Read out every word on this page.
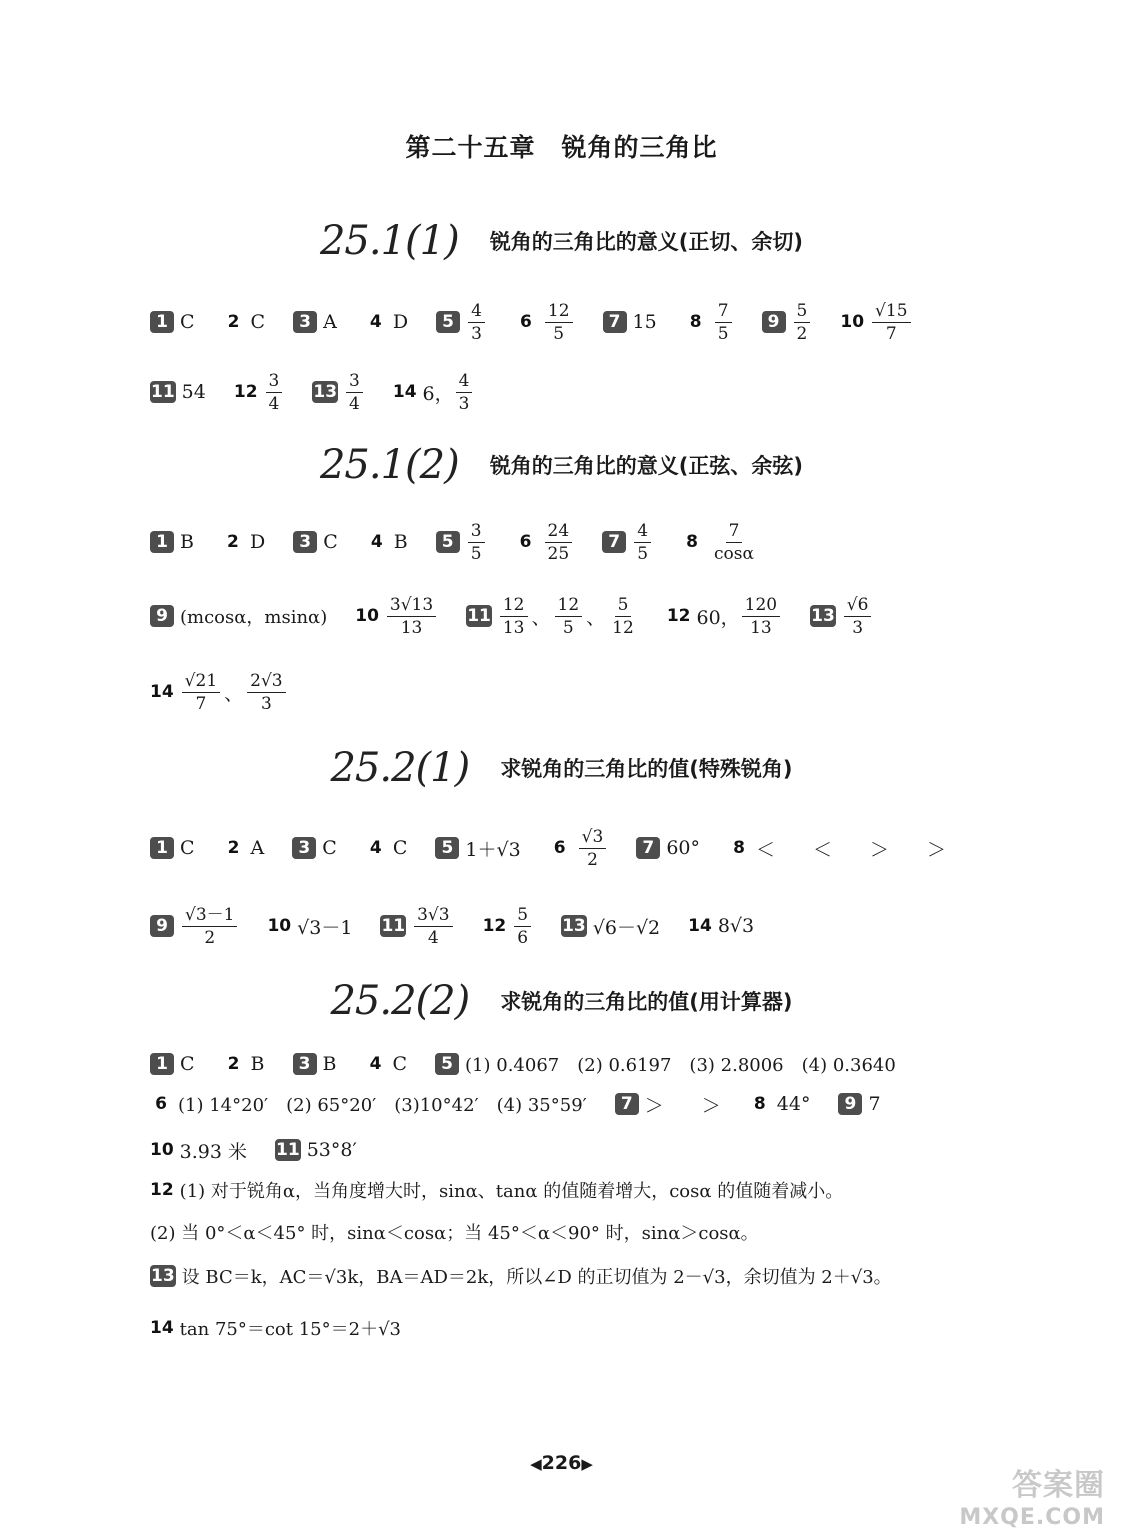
第二十五章　锐角的三角比
25.1(1) 锐角的三角比的意义(正切、余切)
25.1(2) 锐角的三角比的意义(正弦、余弦)
25.2(1) 求锐角的三角比的值(特殊锐角)
25.2(2) 求锐角的三角比的值(用计算器)
1 C 2 C	3 A 4 D	$5 \frac{4}{3} 6 \frac{12}{5}$	7 15 $8 \frac{7}{5}$	$9 \frac{5}{2} 10 \frac{√15}{7}$
11 54 $12 \frac{3}{4} 13 \frac{3}{4} 14$ 6， $\frac{4}{3}$
1 B 2 D	3 C 4 B	$5 \frac{3}{5} 6 \frac{24}{25}$	$7 \frac{4}{5} 8 \frac{7}{\cos\alpha}$
9 (mcosα，msinα) $10 \frac{3√13}{13} 11 \frac{12}{13}$ 、 $\frac{12}{5}$ 、 $\frac{5}{12} 12$ 60， $\frac{120}{13} 13 \frac{√6}{3}$
$14 \frac{√21}{7}$ 、 $\frac{2√3}{3}$
1 C 2 A	3 C 4 C	5 1＋√3 $6 \frac{√3}{2}$	7 60° 8 ＜　　＜　　＞　　＞
$9 \frac{√3-1}{2} 10$ √3－1 $11 \frac{3√3}{4} 12 \frac{5}{6} 13$ √6－√2 14 8√3
1 C 2 B	3 B 4 C	5 (1) 0.4067　(2) 0.6197　(3) 2.8006　(4) 0.3640
6 (1) 14°20′　(2) 65°20′　(3)10°42′　(4) 35°59′	7 ＞　　＞ 8 44°	9 7
10 3.93 米 11 53°8′
12 (1) 对于锐角α，当角度增大时，sinα、tanα 的值随着增大，cosα 的值随着减小。
(2) 当 0°＜α＜45° 时，sinα＜cosα；当 45°＜α＜90° 时，sinα＞cosα。
13 设 BC＝k，AC＝√3k，BA＝AD＝2k，所以∠D 的正切值为 2－√3，余切值为 2＋√3。
14 tan 75°＝cot 15°＝2＋√3
◀226▶
答案圈
MXQE.COM
